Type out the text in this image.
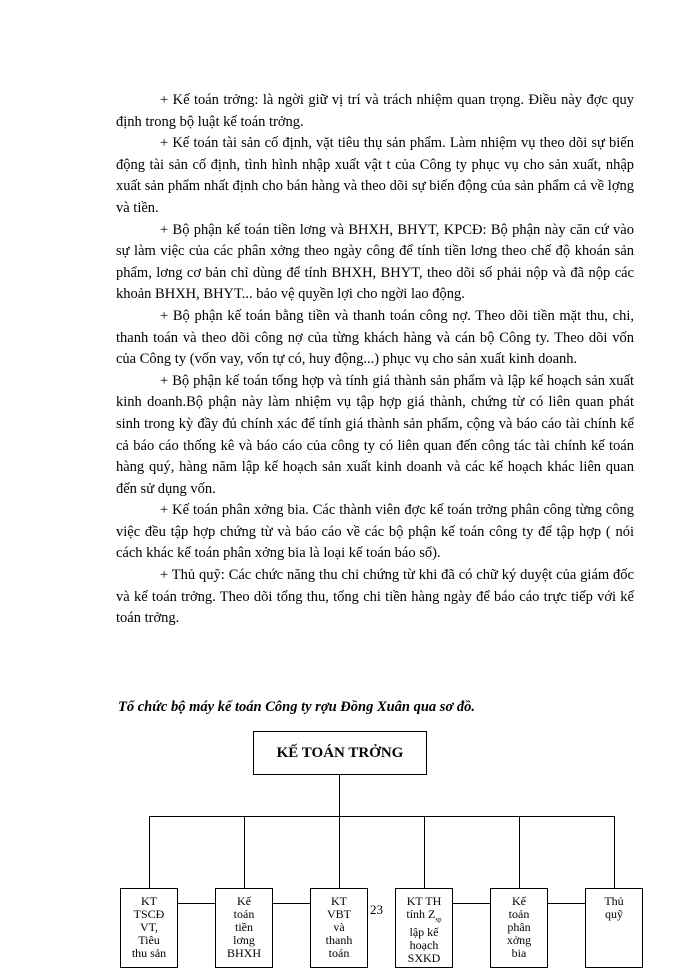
+ Kế toán trởng: là ngời giữ vị trí và trách nhiệm quan trọng. Điều này đợc quy định trong bộ luật kế toán trởng.

+ Kế toán tài sản cố định, vặt tiêu thụ sản phẩm. Làm nhiệm vụ theo dõi sự biến động tài sản cố định, tình hình nhập xuất vật t của Công ty phục vụ cho sản xuất, nhập xuất sản phẩm nhất định cho bán hàng và theo dõi sự biến động của sản phẩm cả về lợng và tiền.

+ Bộ phận kế toán tiền lơng và BHXH, BHYT, KPCĐ: Bộ phận này căn cứ vào sự làm việc của các phân xởng theo ngày công để tính tiền lơng theo chế độ khoán sản phẩm, lơng cơ bản chỉ dùng để tính BHXH, BHYT, theo dõi số phải nộp và đã nộp các khoản BHXH, BHYT... bảo vệ quyền lợi cho ngời lao động.

+ Bộ phận kế toán bằng tiền và thanh toán công nợ. Theo dõi tiền mặt thu, chi, thanh toán và theo dõi công nợ của từng khách hàng và cán bộ Công ty. Theo dõi vốn của Công ty (vốn vay, vốn tự có, huy động...) phục vụ cho sản xuất kinh doanh.

+ Bộ phận kế toán tổng hợp và tính giá thành sản phẩm và lập kế hoạch sản xuất kinh doanh.Bộ phận này làm nhiệm vụ tập hợp giá thành, chứng từ có liên quan phát sinh trong kỳ đầy đủ chính xác để tính giá thành sản phẩm, cộng và báo cáo tài chính kể cả báo cáo thống kê và báo cáo của công ty có liên quan đến công tác tài chính kế toán hàng quý, hàng năm lập kế hoạch sản xuất kinh doanh và các kế hoạch khác liên quan đến sử dụng vốn.

+ Kế toán phân xởng bia. Các thành viên đợc kế toán trởng phân công từng công việc đều tập hợp chứng từ và báo cáo về các bộ phận kế toán công ty để tập hợp ( nói cách khác kế toán phân xởng bia là loại kế toán báo sổ).

+ Thủ quỹ: Các chức năng thu chi chứng từ khi đã có chữ ký duyệt của giám đốc và kế toán trởng. Theo dõi tổng thu, tổng chi tiền hàng ngày để báo cáo trực tiếp với kế toán trởng.

Tổ chức bộ máy kế toán Công ty rợu Đồng Xuân qua sơ đồ.

KẾ TOÁN TRỞNG
KT
TSCĐ
VT,
Tiêu
thu sản
Kế
toán
tiền
lơng
BHXH
KT
VBT
và
thanh
toán
KT TH
tính $Z_{sp}$
lập kế
hoạch
SXKD
Kế
toán
phân
xởng
bia
Thủ
quỹ
23
